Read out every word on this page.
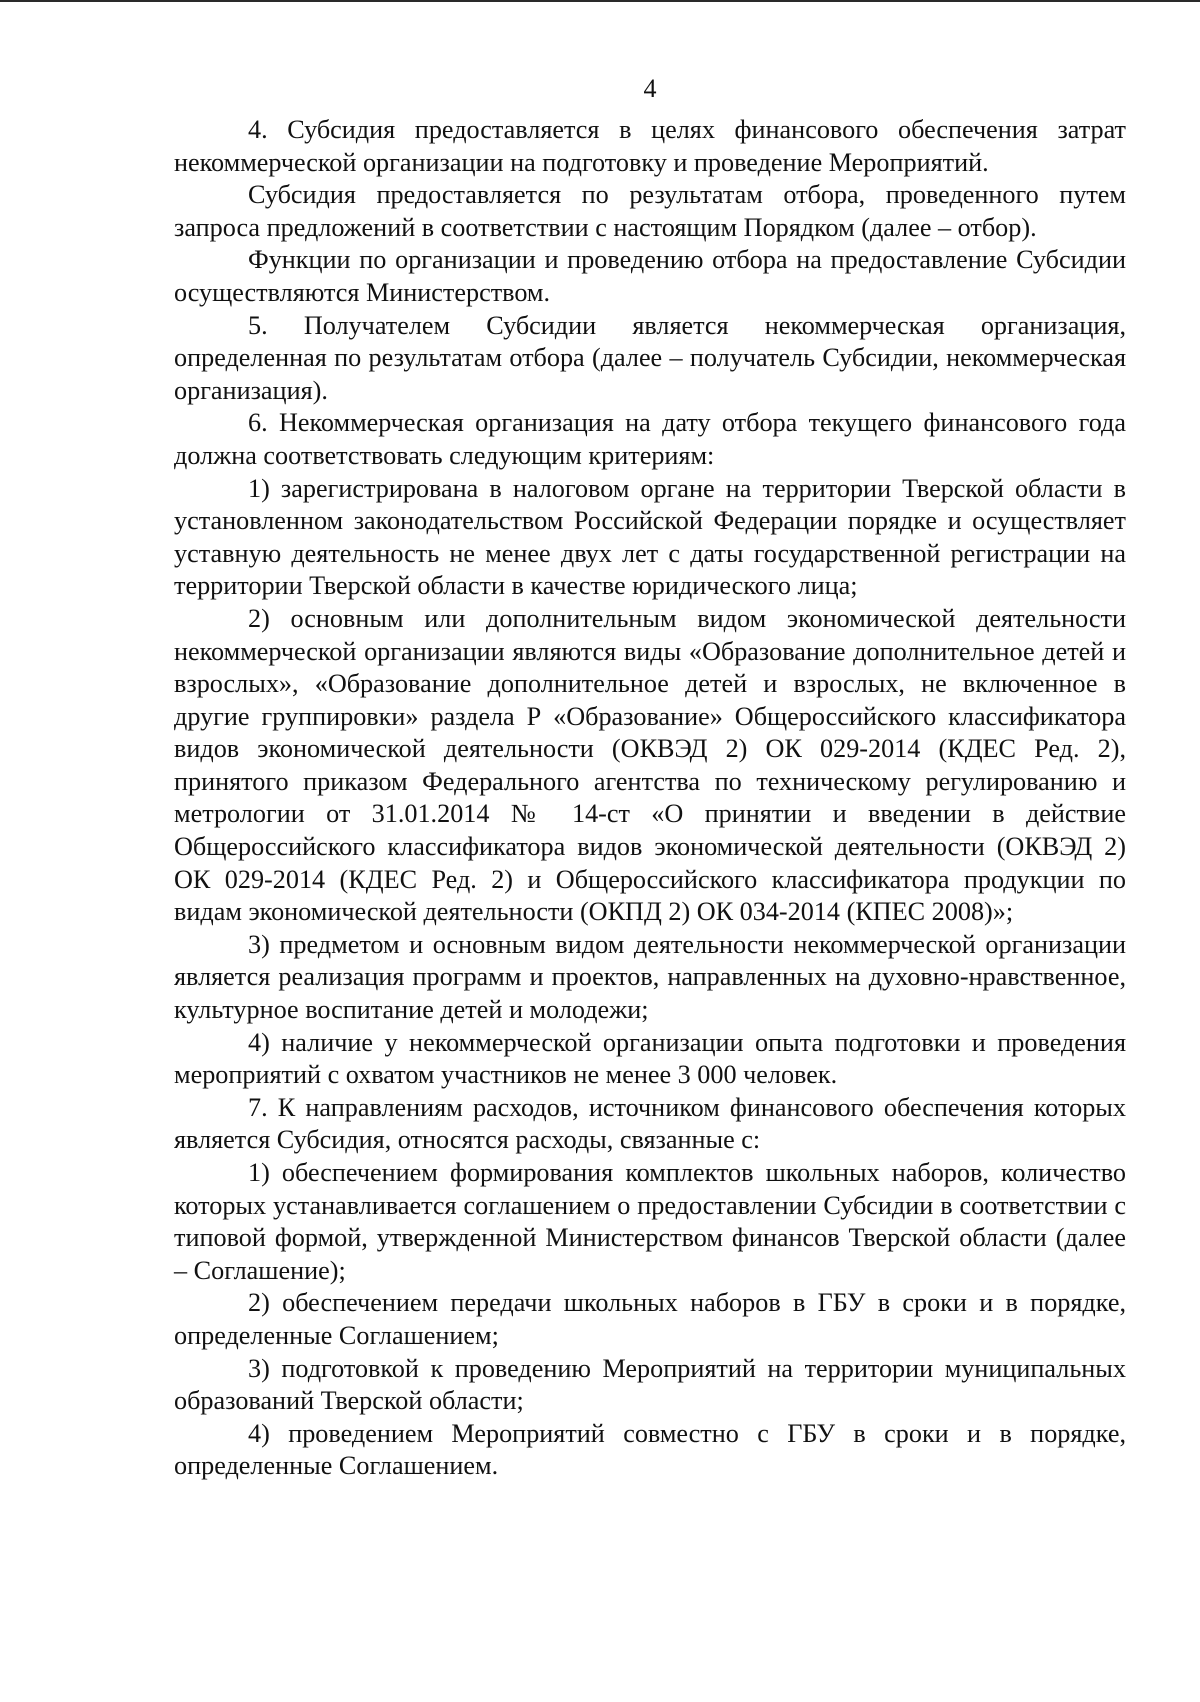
4

4. Субсидия предоставляется в целях финансового обеспечения затрат некоммерческой организации на подготовку и проведение Мероприятий.

Субсидия предоставляется по результатам отбора, проведенного путем запроса предложений в соответствии с настоящим Порядком (далее – отбор).

Функции по организации и проведению отбора на предоставление Субсидии осуществляются Министерством.

5. Получателем Субсидии является некоммерческая организация, определенная по результатам отбора (далее – получатель Субсидии, некоммерческая организация).

6. Некоммерческая организация на дату отбора текущего финансового года должна соответствовать следующим критериям:

1) зарегистрирована в налоговом органе на территории Тверской области в установленном законодательством Российской Федерации порядке и осуществляет уставную деятельность не менее двух лет с даты государственной регистрации на территории Тверской области в качестве юридического лица;

2) основным или дополнительным видом экономической деятельности некоммерческой организации являются виды «Образование дополнительное детей и взрослых», «Образование дополнительное детей и взрослых, не включенное в другие группировки» раздела Р «Образование» Общероссийского классификатора видов экономической деятельности (ОКВЭД 2) ОК 029-2014 (КДЕС Ред. 2), принятого приказом Федерального агентства по техническому регулированию и метрологии от 31.01.2014 № 14-ст «О принятии и введении в действие Общероссийского классификатора видов экономической деятельности (ОКВЭД 2) ОК 029-2014 (КДЕС Ред. 2) и Общероссийского классификатора продукции по видам экономической деятельности (ОКПД 2) ОК 034-2014 (КПЕС 2008)»;

3) предметом и основным видом деятельности некоммерческой организации является реализация программ и проектов, направленных на духовно-нравственное, культурное воспитание детей и молодежи;

4) наличие у некоммерческой организации опыта подготовки и проведения мероприятий с охватом участников не менее 3 000 человек.

7. К направлениям расходов, источником финансового обеспечения которых является Субсидия, относятся расходы, связанные с:

1) обеспечением формирования комплектов школьных наборов, количество которых устанавливается соглашением о предоставлении Субсидии в соответствии с типовой формой, утвержденной Министерством финансов Тверской области (далее – Соглашение);

2) обеспечением передачи школьных наборов в ГБУ в сроки и в порядке, определенные Соглашением;

3) подготовкой к проведению Мероприятий на территории муниципальных образований Тверской области;

4) проведением Мероприятий совместно с ГБУ в сроки и в порядке, определенные Соглашением.
